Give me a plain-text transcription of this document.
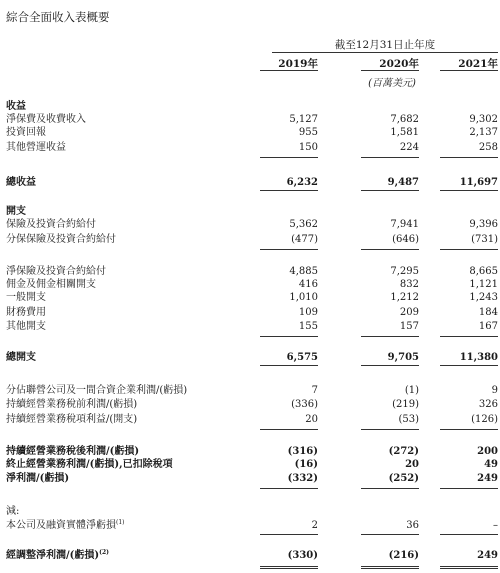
綜合全面收入表概要
截至12月31日止年度
2019年	2020年	2021年
(百萬美元)
收益
淨保費及收費收入	5,127	7,682	9,302
投資回報	955	1,581	2,137
其他營運收益	150	224	258
總收益	6,232	9,487	11,697
開支
保險及投資合約給付	5,362	7,941	9,396
分保保險及投資合約給付	(477)	(646)	(731)
淨保險及投資合約給付	4,885	7,295	8,665
佣金及佣金相關開支	416	832	1,121
一般開支	1,010	1,212	1,243
財務費用	109	209	184
其他開支	155	157	167
總開支	6,575	9,705	11,380
分佔聯營公司及一間合資企業利潤/(虧損)	7	(1)	9
持續經營業務稅前利潤/(虧損)	(336)	(219)	326
持續經營業務稅項利益/(開支)	20	(53)	(126)
持續經營業務稅後利潤/(虧損)	(316)	(272)	200
終止經營業務利潤/(虧損),已扣除稅項	(16)	20	49
淨利潤/(虧損)	(332)	(252)	249
減:
本公司及融資實體淨虧損$^{(1)}$	2	36	–
經調整淨利潤/(虧損)$^{(2)}$	(330)	(216)	249
